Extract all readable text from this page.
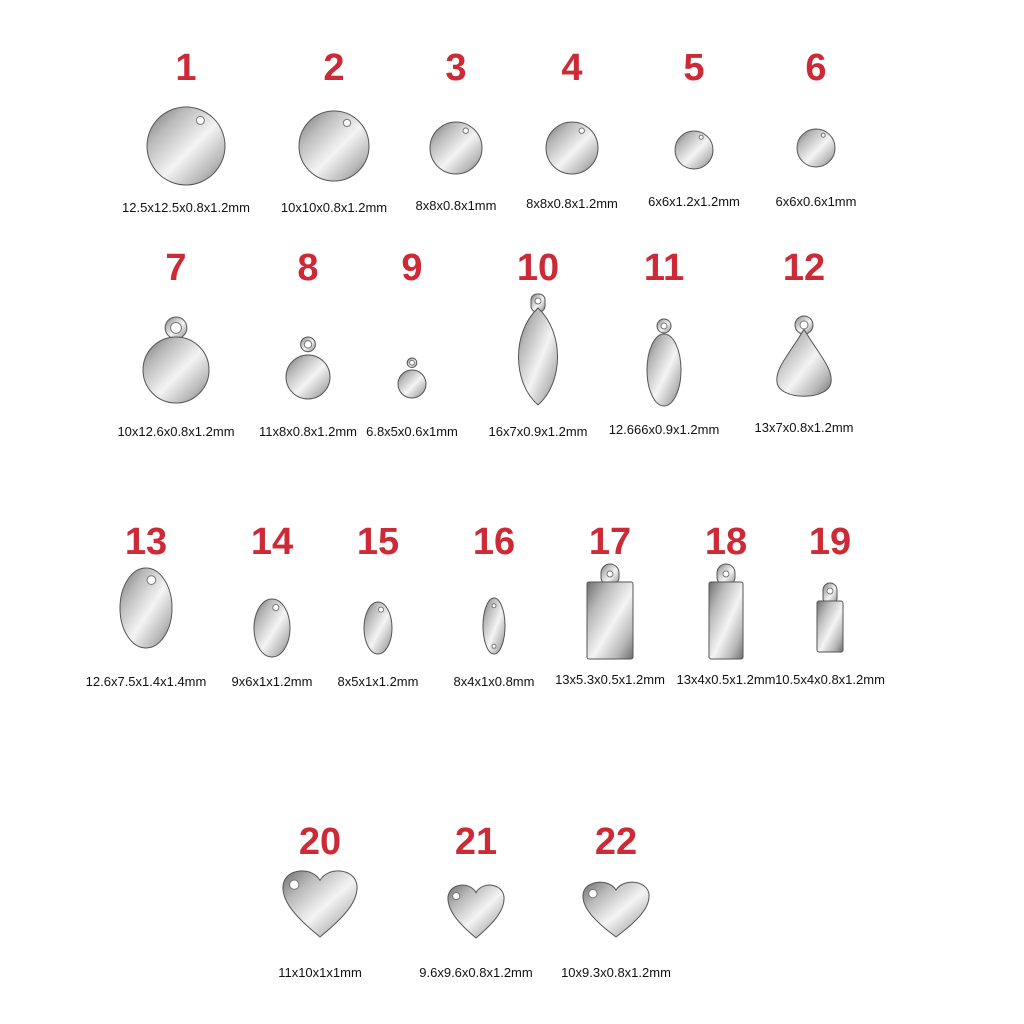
1
12.5x12.5x0.8x1.2mm
2
10x10x0.8x1.2mm
3
8x8x0.8x1mm
4
8x8x0.8x1.2mm
5
6x6x1.2x1.2mm
6
6x6x0.6x1mm
7
10x12.6x0.8x1.2mm
8
11x8x0.8x1.2mm
9
6.8x5x0.6x1mm
10
16x7x0.9x1.2mm
11
12.666x0.9x1.2mm
12
13x7x0.8x1.2mm
13
12.6x7.5x1.4x1.4mm
14
9x6x1x1.2mm
15
8x5x1x1.2mm
16
8x4x1x0.8mm
17
13x5.3x0.5x1.2mm
18
13x4x0.5x1.2mm
19
10.5x4x0.8x1.2mm
20
11x10x1x1mm
21
9.6x9.6x0.8x1.2mm
22
10x9.3x0.8x1.2mm
